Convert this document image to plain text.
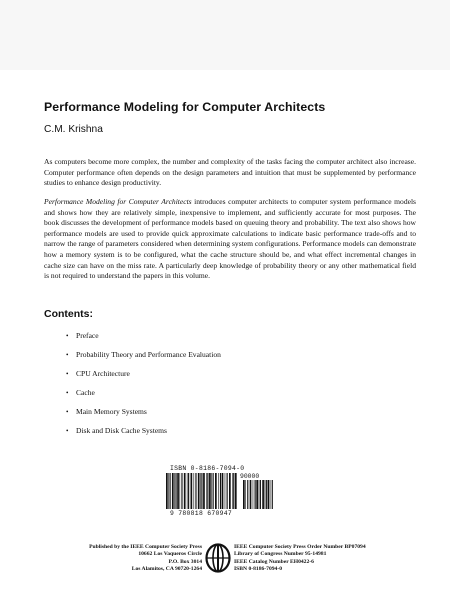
Performance Modeling for Computer Architects
C.M. Krishna
As computers become more complex, the number and complexity of the tasks facing the computer architect also increase. Computer performance often depends on the design parameters and intuition that must be supplemented by performance studies to enhance design productivity.
Performance Modeling for Computer Architects introduces computer architects to computer system performance models and shows how they are relatively simple, inexpensive to implement, and sufficiently accurate for most purposes. The book discusses the development of performance models based on queuing theory and probability. The text also shows how performance models are used to provide quick approximate calculations to indicate basic performance trade-offs and to narrow the range of parameters considered when determining system configurations. Performance models can demonstrate how a memory system is to be configured, what the cache structure should be, and what effect incremental changes in cache size can have on the miss rate. A particularly deep knowledge of probability theory or any other mathematical field is not required to understand the papers in this volume.
Contents:
• Preface
• Probability Theory and Performance Evaluation
• CPU Architecture
• Cache
• Main Memory Systems
• Disk and Disk Cache Systems
ISBN 0-8186-7094-0
90000
9 780818 670947
Published by the IEEE Computer Society Press
10662 Los Vaqueros Circle
P.O. Box 3014
Los Alamitos, CA 90720-1264
IEEE Computer Society Press Order Number BP07094
Library of Congress Number 95-14981
IEEE Catalog Number EH0422-6
ISBN 0-8186-7094-0
